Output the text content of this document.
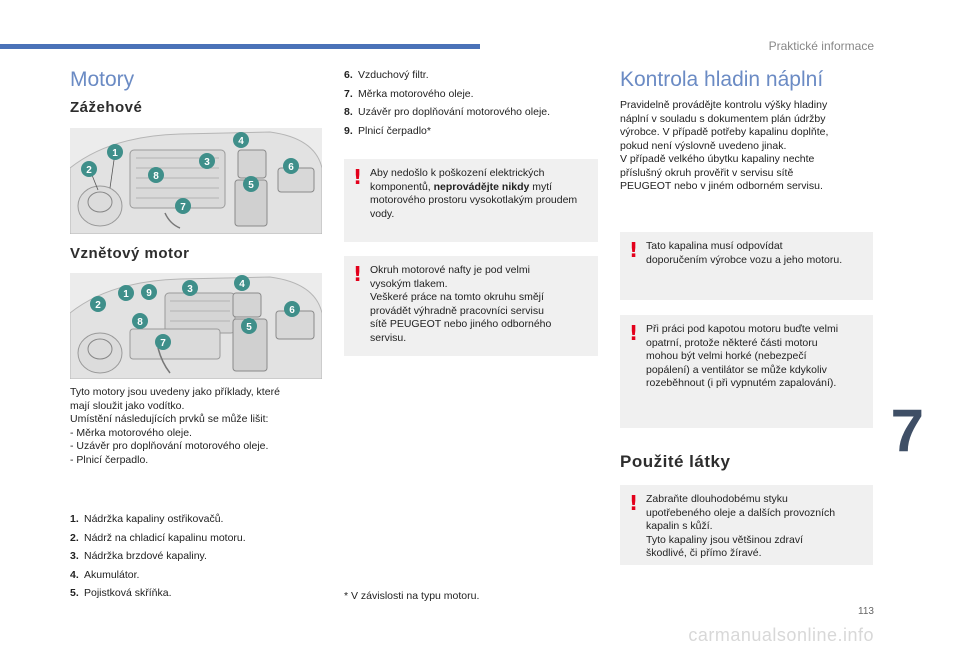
Praktické informace
Motory
Zážehové
1
2
3
4
5
6
7
8
Vznětový motor
1
2
3	4
5
6
7
8
9
Tyto motory jsou uvedeny jako příklady, které
mají sloužit jako vodítko.
Umístění následujících prvků se může lišit:
- Měrka motorového oleje.
- Uzávěr pro doplňování motorového oleje.
- Plnicí čerpadlo.
1. Nádržka kapaliny ostřikovačů.
2. Nádrž na chladicí kapalinu motoru.
3. Nádržka brzdové kapaliny.
4. Akumulátor.
5. Pojistková skříňka.
6. Vzduchový filtr.
7. Měrka motorového oleje.
8. Uzávěr pro doplňování motorového oleje.
9. Plnicí čerpadlo*
! Aby nedošlo k poškození elektrických komponentů, neprovádějte nikdy mytí motorového prostoru vysokotlakým proudem vody.
! Okruh motorové nafty je pod velmi
vysokým tlakem.
Veškeré práce na tomto okruhu smějí
provádět výhradně pracovníci servisu
sítě PEUGEOT nebo jiného odborného
servisu.
* V závislosti na typu motoru.
Kontrola hladin náplní
Pravidelně provádějte kontrolu výšky hladiny
náplní v souladu s dokumentem plán údržby
výrobce. V případě potřeby kapalinu doplňte,
pokud není výslovně uvedeno jinak.
V případě velkého úbytku kapaliny nechte
příslušný okruh prověřit v servisu sítě
PEUGEOT nebo v jiném odborném servisu.
! Tato kapalina musí odpovídat
doporučením výrobce vozu a jeho motoru.
! Při práci pod kapotou motoru buďte velmi
opatrní, protože některé části motoru
mohou být velmi horké (nebezpečí
popálení) a ventilátor se může kdykoliv
rozeběhnout (i při vypnutém zapalování).
Použité látky
! Zabraňte dlouhodobému styku
upotřebeného oleje a dalších provozních
kapalin s kůží.
Tyto kapaliny jsou většinou zdraví
škodlivé, či přímo žíravé.
7
113
carmanualsonline.info
